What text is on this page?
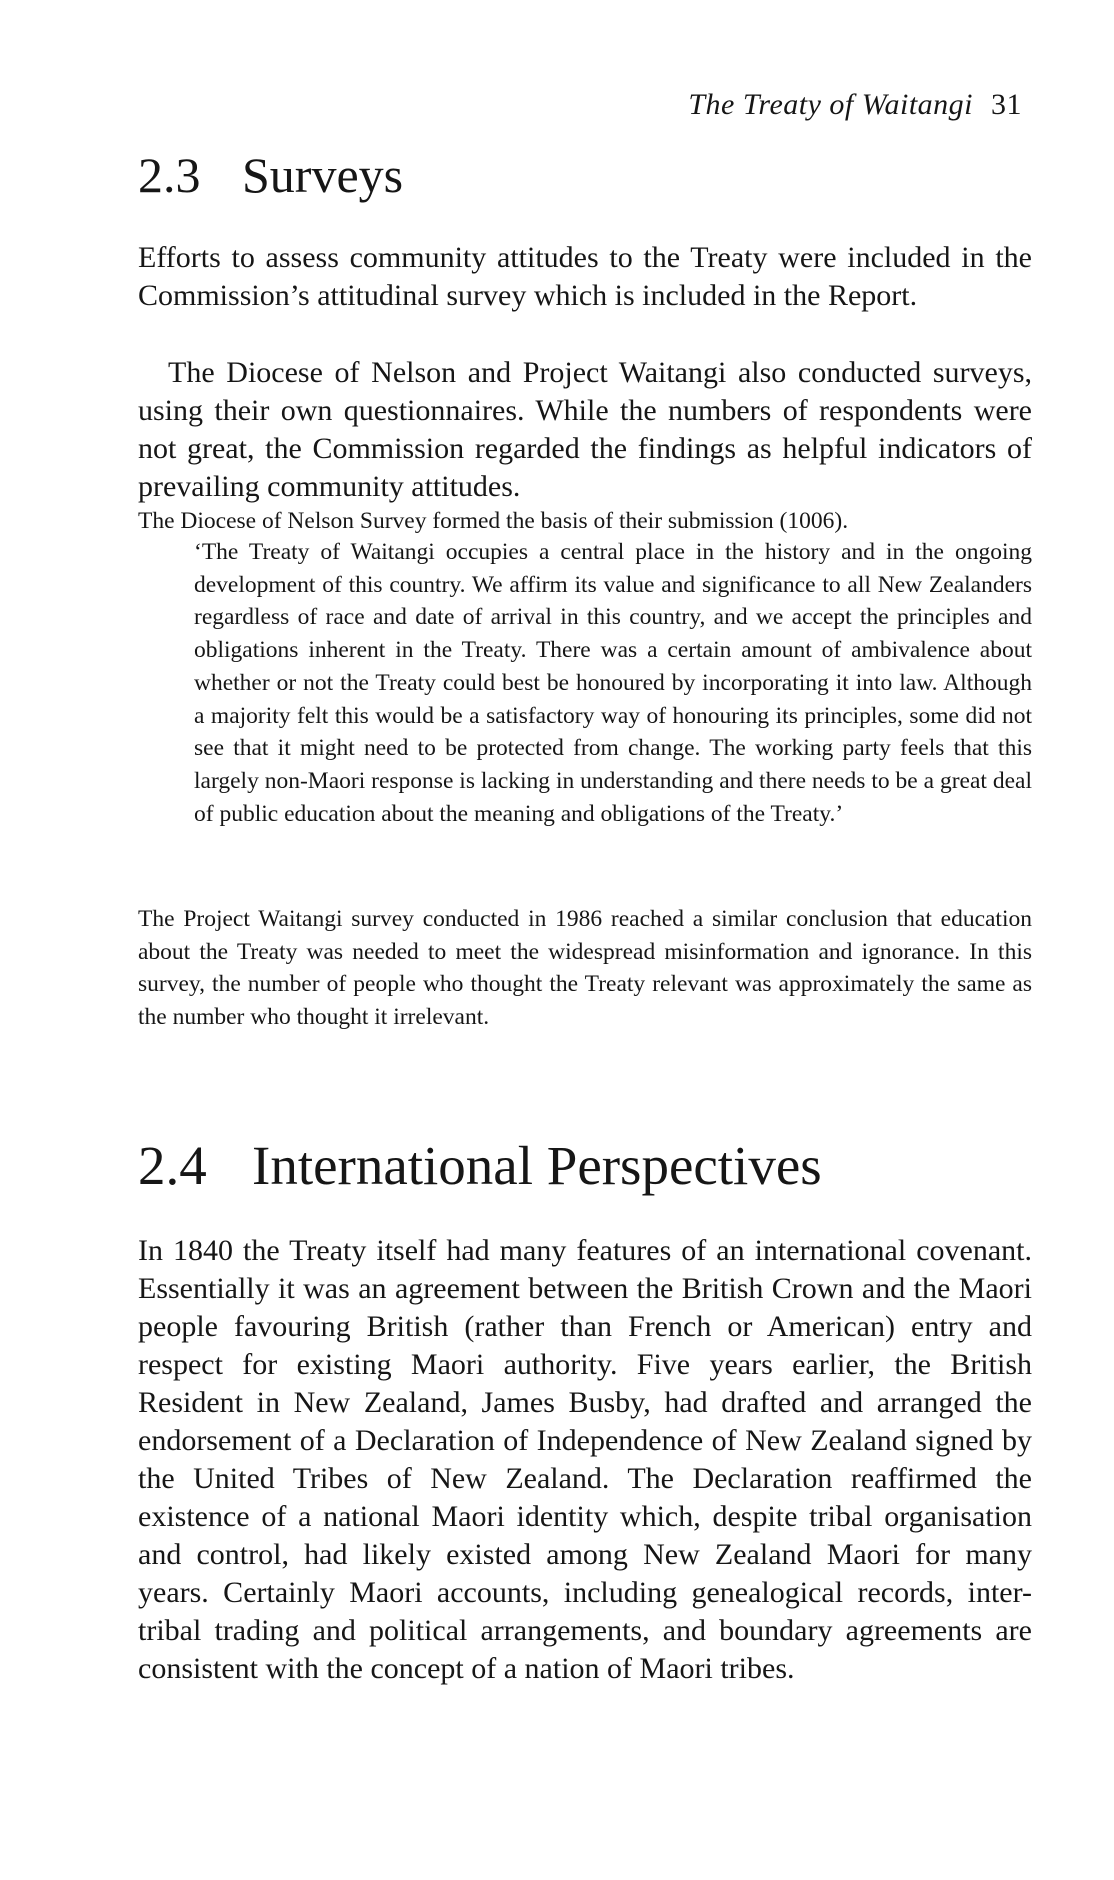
The Treaty of Waitangi 31
2.3 Surveys

Efforts to assess community attitudes to the Treaty were included in the Commission’s attitudinal survey which is included in the Report.

The Diocese of Nelson and Project Waitangi also conducted surveys, using their own questionnaires. While the numbers of respondents were not great, the Commission regarded the findings as helpful indicators of prevailing community attitudes.

The Diocese of Nelson Survey formed the basis of their submission (1006).

‘The Treaty of Waitangi occupies a central place in the history and in the ongoing development of this country. We affirm its value and significance to all New Zealanders regardless of race and date of arrival in this country, and we accept the principles and obligations inherent in the Treaty. There was a certain amount of ambivalence about whether or not the Treaty could best be honoured by incorporating it into law. Although a majority felt this would be a satisfactory way of honouring its principles, some did not see that it might need to be protected from change. The working party feels that this largely non-Maori response is lacking in understanding and there needs to be a great deal of public education about the meaning and obligations of the Treaty.’

The Project Waitangi survey conducted in 1986 reached a similar conclusion that education about the Treaty was needed to meet the widespread misinformation and ignorance. In this survey, the number of people who thought the Treaty relevant was approximately the same as the number who thought it irrelevant.

2.4 International Perspectives

In 1840 the Treaty itself had many features of an international covenant. Essentially it was an agreement between the British Crown and the Maori people favouring British (rather than French or American) entry and respect for existing Maori authority. Five years earlier, the British Resident in New Zealand, James Busby, had drafted and arranged the endorsement of a Declaration of Independence of New Zealand signed by the United Tribes of New Zealand. The Declaration reaffirmed the existence of a national Maori identity which, despite tribal organisation and control, had likely existed among New Zealand Maori for many years. Certainly Maori accounts, including genealogical records, inter-tribal trading and political arrangements, and boundary agreements are consistent with the concept of a nation of Maori tribes.
